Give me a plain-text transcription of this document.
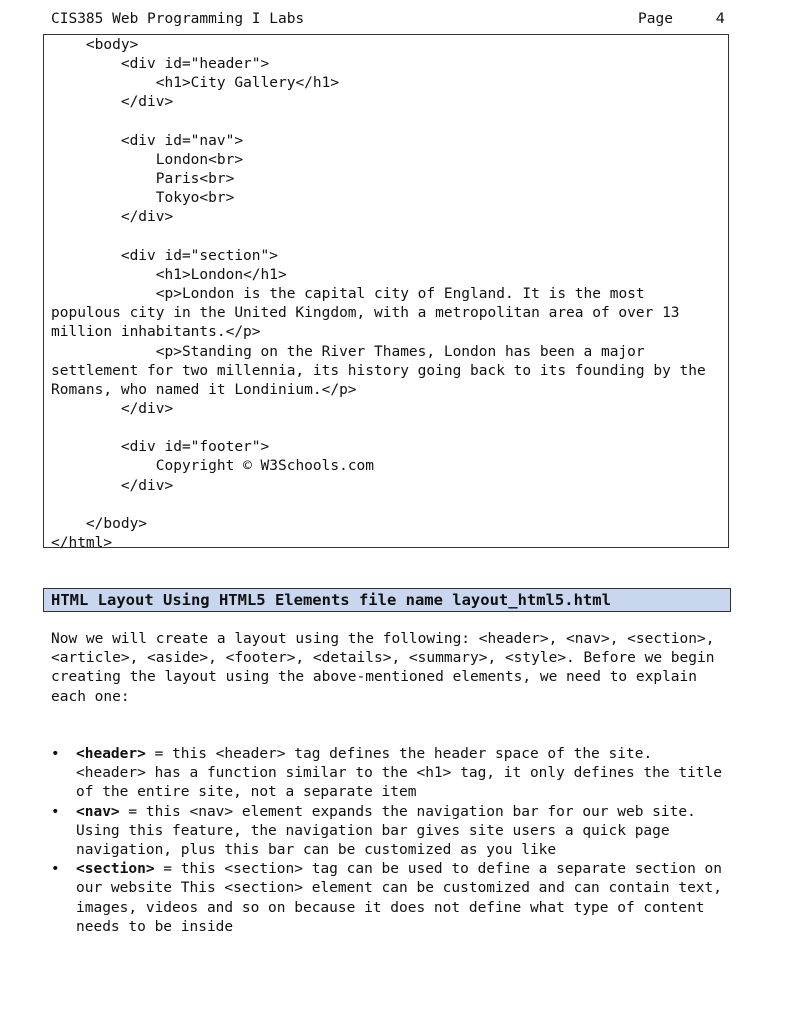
CIS385 Web Programming I Labs	Page	4
<body>
<div id="header">
<h1>City Gallery</h1>
</div>

<div id="nav">
London<br>
Paris<br>
Tokyo<br>
</div>

<div id="section">
<h1>London</h1>
<p>London is the capital city of England. It is the most populous city in the United Kingdom, with a metropolitan area of over 13 million inhabitants.</p>
<p>Standing on the River Thames, London has been a major settlement for two millennia, its history going back to its founding by the Romans, who named it Londinium.</p>
</div>

<div id="footer">
Copyright © W3Schools.com
</div>

</body>
</html>
HTML Layout Using HTML5 Elements file name layout_html5.html

Now we will create a layout using the following: <header>, <nav>, <section>, <article>, <aside>, <footer>, <details>, <summary>, <style>. Before we begin creating the layout using the above-mentioned elements, we need to explain each one:

• <header> = this <header> tag defines the header space of the site. <header> has a function similar to the <h1> tag, it only defines the title of the entire site, not a separate item
• <nav> = this <nav> element expands the navigation bar for our web site. Using this feature, the navigation bar gives site users a quick page navigation, plus this bar can be customized as you like
• <section> = this <section> tag can be used to define a separate section on our website This <section> element can be customized and can contain text, images, videos and so on because it does not define what type of content needs to be inside
